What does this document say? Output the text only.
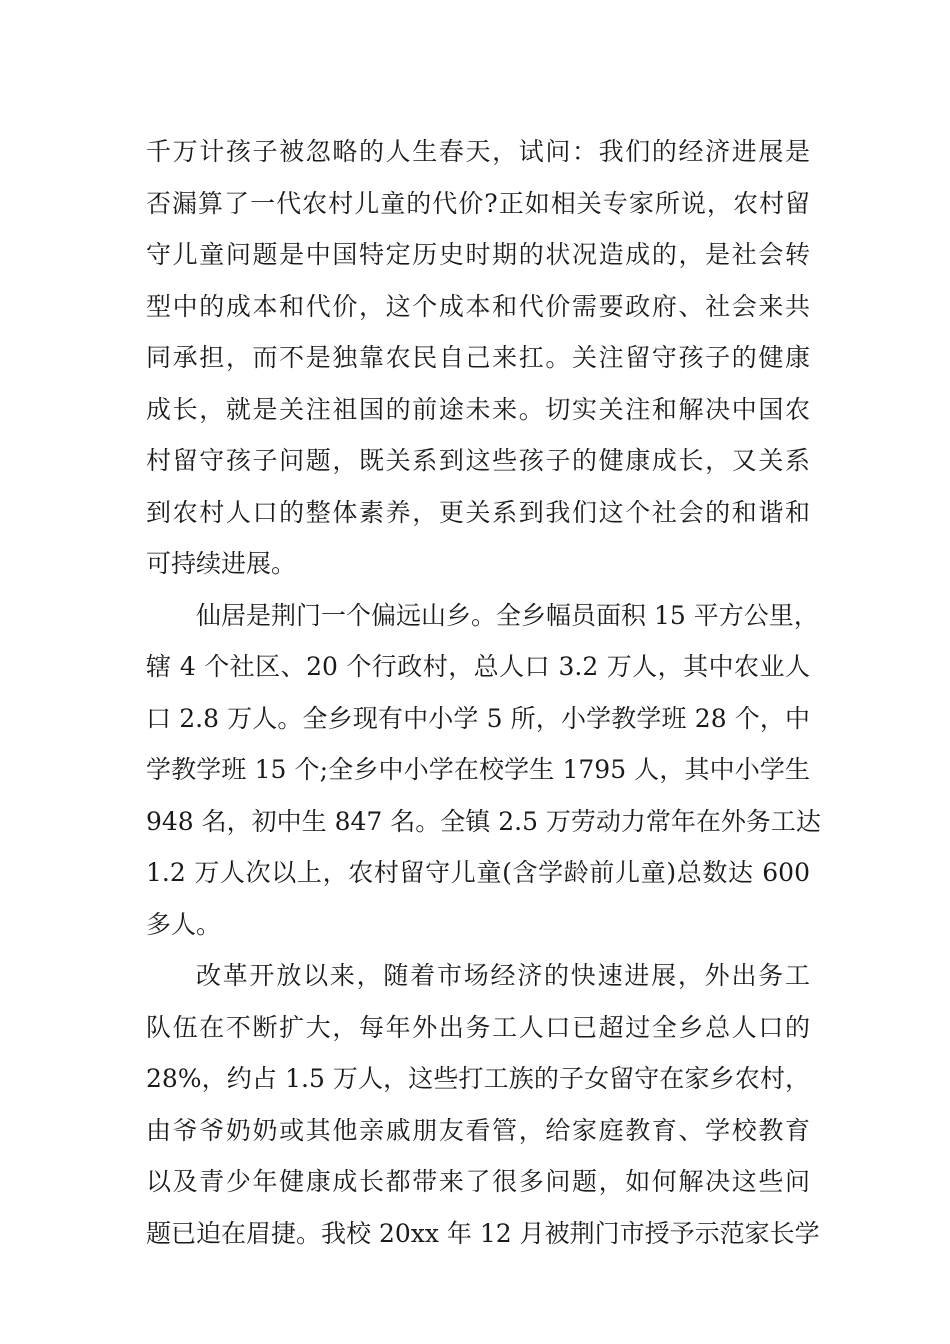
千万计孩子被忽略的人生春天，试问：我们的经济进展是
否漏算了一代农村儿童的代价?正如相关专家所说，农村留
守儿童问题是中国特定历史时期的状况造成的，是社会转
型中的成本和代价，这个成本和代价需要政府、社会来共
同承担，而不是独靠农民自己来扛。关注留守孩子的健康
成长，就是关注祖国的前途未来。切实关注和解决中国农
村留守孩子问题，既关系到这些孩子的健康成长，又关系
到农村人口的整体素养，更关系到我们这个社会的和谐和
可持续进展。
仙居是荆门一个偏远山乡。全乡幅员面积 15 平方公里，
辖 4 个社区、20 个行政村，总人口 3.2 万人，其中农业人
口 2.8 万人。全乡现有中小学 5 所，小学教学班 28 个，中
学教学班 15 个;全乡中小学在校学生 1795 人，其中小学生
948 名，初中生 847 名。全镇 2.5 万劳动力常年在外务工达
1.2 万人次以上，农村留守儿童(含学龄前儿童)总数达 600
多人。
改革开放以来，随着市场经济的快速进展，外出务工
队伍在不断扩大，每年外出务工人口已超过全乡总人口的
28%，约占 1.5 万人，这些打工族的子女留守在家乡农村，
由爷爷奶奶或其他亲戚朋友看管，给家庭教育、学校教育
以及青少年健康成长都带来了很多问题，如何解决这些问
题已迫在眉捷。我校 20xx 年 12 月被荆门市授予示范家长学
